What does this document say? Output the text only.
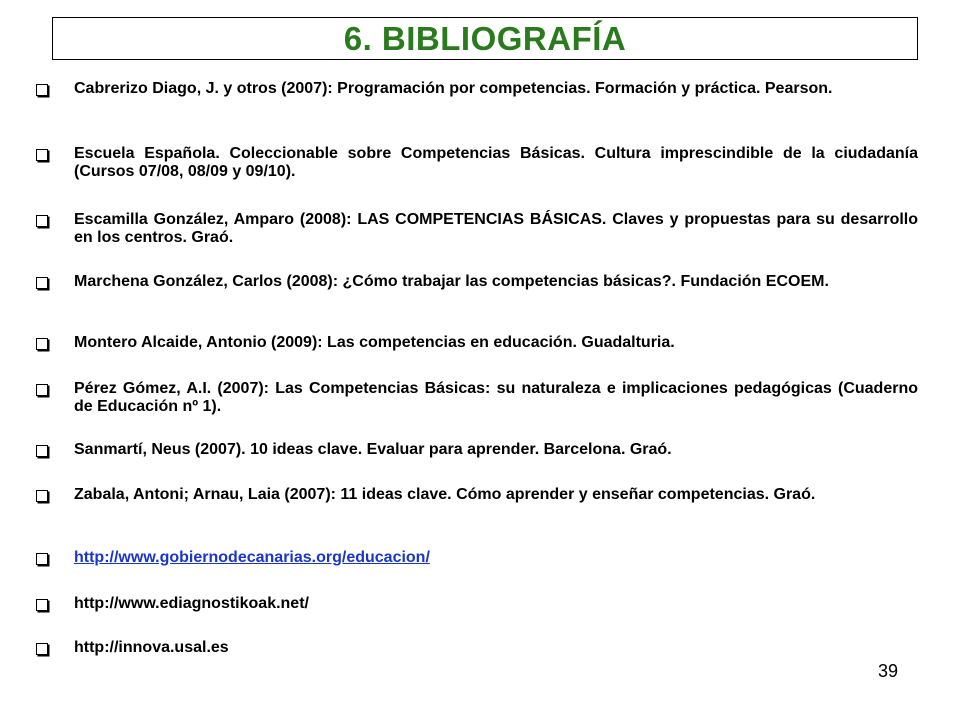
6. BIBLIOGRAFÍA
Cabrerizo Diago, J. y otros (2007): Programación por competencias. Formación y práctica. Pearson.
Escuela Española. Coleccionable sobre Competencias Básicas. Cultura imprescindible de la ciudadanía (Cursos 07/08, 08/09 y 09/10).
Escamilla González, Amparo (2008): LAS COMPETENCIAS BÁSICAS. Claves y propuestas para su desarrollo en los centros. Graó.
Marchena González, Carlos (2008): ¿Cómo trabajar las competencias básicas?. Fundación ECOEM.
Montero Alcaide, Antonio (2009): Las competencias en educación. Guadalturia.
Pérez Gómez, A.I. (2007): Las Competencias Básicas: su naturaleza e implicaciones pedagógicas (Cuaderno de Educación nº 1).
Sanmartí, Neus (2007). 10 ideas clave. Evaluar para aprender. Barcelona. Graó.
Zabala, Antoni; Arnau, Laia (2007): 11 ideas clave. Cómo aprender y enseñar competencias. Graó.
http://www.gobiernodecanarias.org/educacion/
http://www.ediagnostikoak.net/
http://innova.usal.es
39
